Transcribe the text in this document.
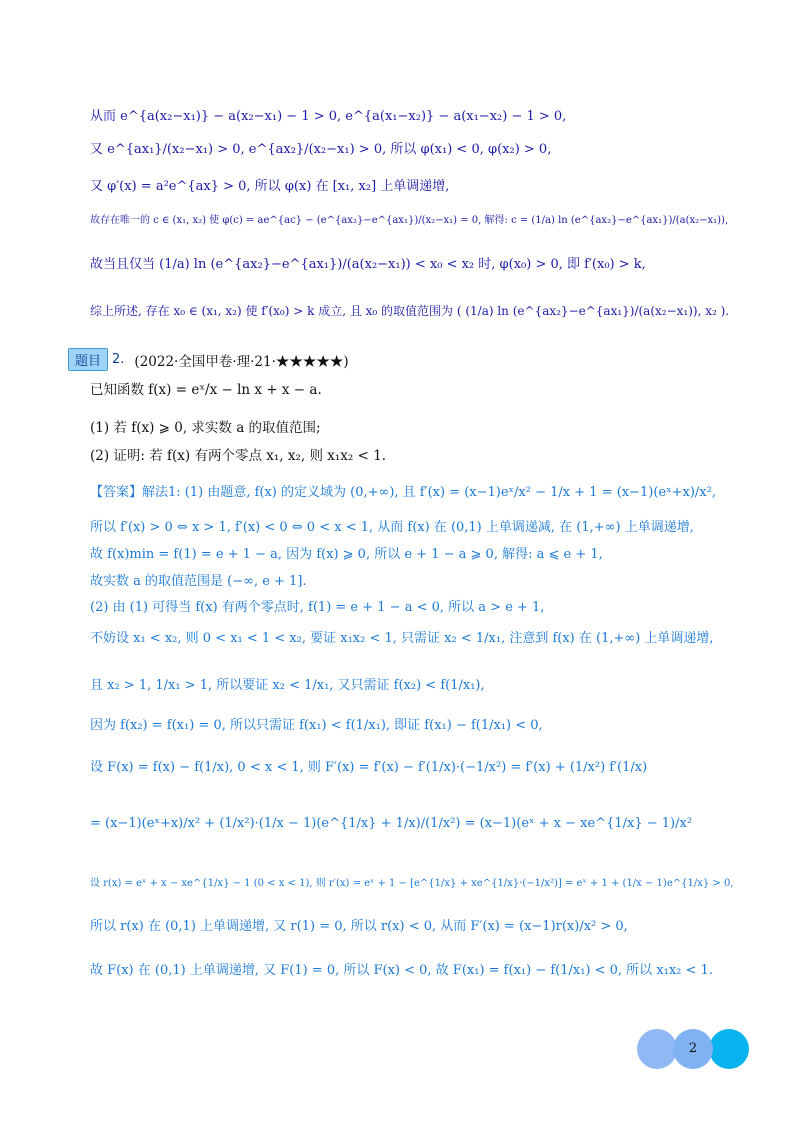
从而 e^{a(x₂−x₁)} − a(x₂−x₁) − 1 > 0, e^{a(x₁−x₂)} − a(x₁−x₂) − 1 > 0,
又 e^{ax₁}/(x₂−x₁) > 0, e^{ax₂}/(x₂−x₁) > 0, 所以 φ(x₁) < 0, φ(x₂) > 0,
又 φ′(x) = a²e^{ax} > 0, 所以 φ(x) 在 [x₁, x₂] 上单调递增,
故存在唯一的 c ∈ (x₁, x₂) 使 φ(c) = ae^{ac} − (e^{ax₂}−e^{ax₁})/(x₂−x₁) = 0, 解得: c = (1/a) ln (e^{ax₂}−e^{ax₁})/(a(x₂−x₁)),
故当且仅当 (1/a) ln (e^{ax₂}−e^{ax₁})/(a(x₂−x₁)) < x₀ < x₂ 时, φ(x₀) > 0, 即 f′(x₀) > k,
综上所述, 存在 x₀ ∈ (x₁, x₂) 使 f′(x₀) > k 成立, 且 x₀ 的取值范围为 ( (1/a) ln (e^{ax₂}−e^{ax₁})/(a(x₂−x₁)), x₂ ).
题目 2. (2022·全国甲卷·理·21·★★★★★)
已知函数 f(x) = eˣ/x − ln x + x − a.
(1) 若 f(x) ⩾ 0, 求实数 a 的取值范围;
(2) 证明: 若 f(x) 有两个零点 x₁, x₂, 则 x₁x₂ < 1.
【答案】解法1: (1) 由题意, f(x) 的定义域为 (0,+∞), 且 f′(x) = (x−1)eˣ/x² − 1/x + 1 = (x−1)(eˣ+x)/x²,
所以 f′(x) > 0 ⇔ x > 1, f′(x) < 0 ⇔ 0 < x < 1, 从而 f(x) 在 (0,1) 上单调递减, 在 (1,+∞) 上单调递增,
故 f(x)min = f(1) = e + 1 − a, 因为 f(x) ⩾ 0, 所以 e + 1 − a ⩾ 0, 解得: a ⩽ e + 1,
故实数 a 的取值范围是 (−∞, e + 1].
(2) 由 (1) 可得当 f(x) 有两个零点时, f(1) = e + 1 − a < 0, 所以 a > e + 1,
不妨设 x₁ < x₂, 则 0 < x₁ < 1 < x₂, 要证 x₁x₂ < 1, 只需证 x₂ < 1/x₁, 注意到 f(x) 在 (1,+∞) 上单调递增,
且 x₂ > 1, 1/x₁ > 1, 所以要证 x₂ < 1/x₁, 又只需证 f(x₂) < f(1/x₁),
因为 f(x₂) = f(x₁) = 0, 所以只需证 f(x₁) < f(1/x₁), 即证 f(x₁) − f(1/x₁) < 0,
设 F(x) = f(x) − f(1/x), 0 < x < 1, 则 F′(x) = f′(x) − f′(1/x)·(−1/x²) = f′(x) + (1/x²) f′(1/x)
= (x−1)(eˣ+x)/x² + (1/x²)·(1/x − 1)(e^{1/x} + 1/x)/(1/x²) = (x−1)(eˣ + x − xe^{1/x} − 1)/x²
设 r(x) = eˣ + x − xe^{1/x} − 1 (0 < x < 1), 则 r′(x) = eˣ + 1 − [e^{1/x} + xe^{1/x}·(−1/x²)] = eˣ + 1 + (1/x − 1)e^{1/x} > 0,
所以 r(x) 在 (0,1) 上单调递增, 又 r(1) = 0, 所以 r(x) < 0, 从而 F′(x) = (x−1)r(x)/x² > 0,
故 F(x) 在 (0,1) 上单调递增, 又 F(1) = 0, 所以 F(x) < 0, 故 F(x₁) = f(x₁) − f(1/x₁) < 0, 所以 x₁x₂ < 1.
2
